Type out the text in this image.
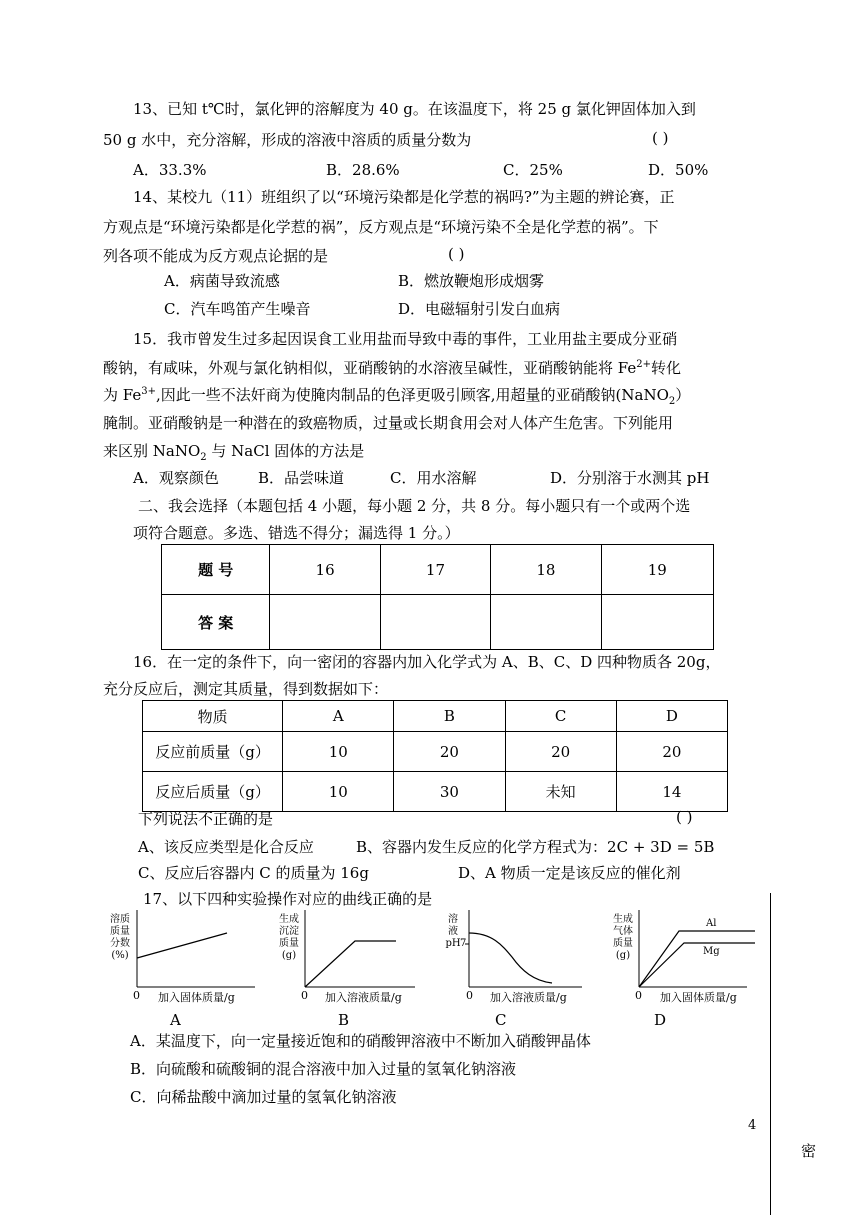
13、已知 t℃时，氯化钾的溶解度为 40 g。在该温度下，将 25 g 氯化钾固体加入到
50 g 水中，充分溶解，形成的溶液中溶质的质量分数为	( )
A．33.3%	B．28.6%	C．25%	D．50%
14、某校九（11）班组织了以“环境污染都是化学惹的祸吗?”为主题的辨论赛，正
方观点是“环境污染都是化学惹的祸”，反方观点是“环境污染不全是化学惹的祸”。下
列各项不能成为反方观点论据的是	( )
A．病菌导致流感	B．燃放鞭炮形成烟雾
C．汽车鸣笛产生噪音	D．电磁辐射引发白血病
15．我市曾发生过多起因误食工业用盐而导致中毒的事件，工业用盐主要成分亚硝
酸钠，有咸味，外观与氯化钠相似，亚硝酸钠的水溶液呈碱性，亚硝酸钠能将 $Fe^{2+}$转化
为 $Fe^{3+}$,因此一些不法奸商为使腌肉制品的色泽更吸引顾客,用超量的亚硝酸钠(NaNO$_2$）
腌制。亚硝酸钠是一种潜在的致癌物质，过量或长期食用会对人体产生危害。下列能用
来区别 NaNO$_2$ 与 NaCl 固体的方法是
A．观察颜色	B．品尝味道	C．用水溶解	D．分别溶于水测其 pH
二、我会选择（本题包括 4 小题，每小题 2 分，共 8 分。每小题只有一个或两个选
项符合题意。多选、错选不得分；漏选得 1 分。）
题 号	16	17	18	19
答 案				
16．在一定的条件下，向一密闭的容器内加入化学式为 A、B、C、D 四种物质各 20g，
充分反应后，测定其质量，得到数据如下：
物质	A	B	C	D
反应前质量（g）	10	20	20	20
反应后质量（g）	10	30	未知	14
下列说法不正确的是	( )
A、该反应类型是化合反应	B、容器内发生反应的化学方程式为：2C + 3D = 5B
C、反应后容器内 C 的质量为 16g	D、A 物质一定是该反应的催化剂
17、以下四种实验操作对应的曲线正确的是
溶质
质量
分数
(%)
0 加入固体质量/g
A
生成
沉淀
质量
(g)
0 加入溶液质量/g
B
溶
液
pH 7
0 加入溶液质量/g
C
生成
气体
质量
(g)
Al
Mg
0 加入固体质量/g
D
A．某温度下，向一定量接近饱和的硝酸钾溶液中不断加入硝酸钾晶体
B．向硫酸和硫酸铜的混合溶液中加入过量的氢氧化钠溶液
C．向稀盐酸中滴加过量的氢氧化钠溶液
4
密
